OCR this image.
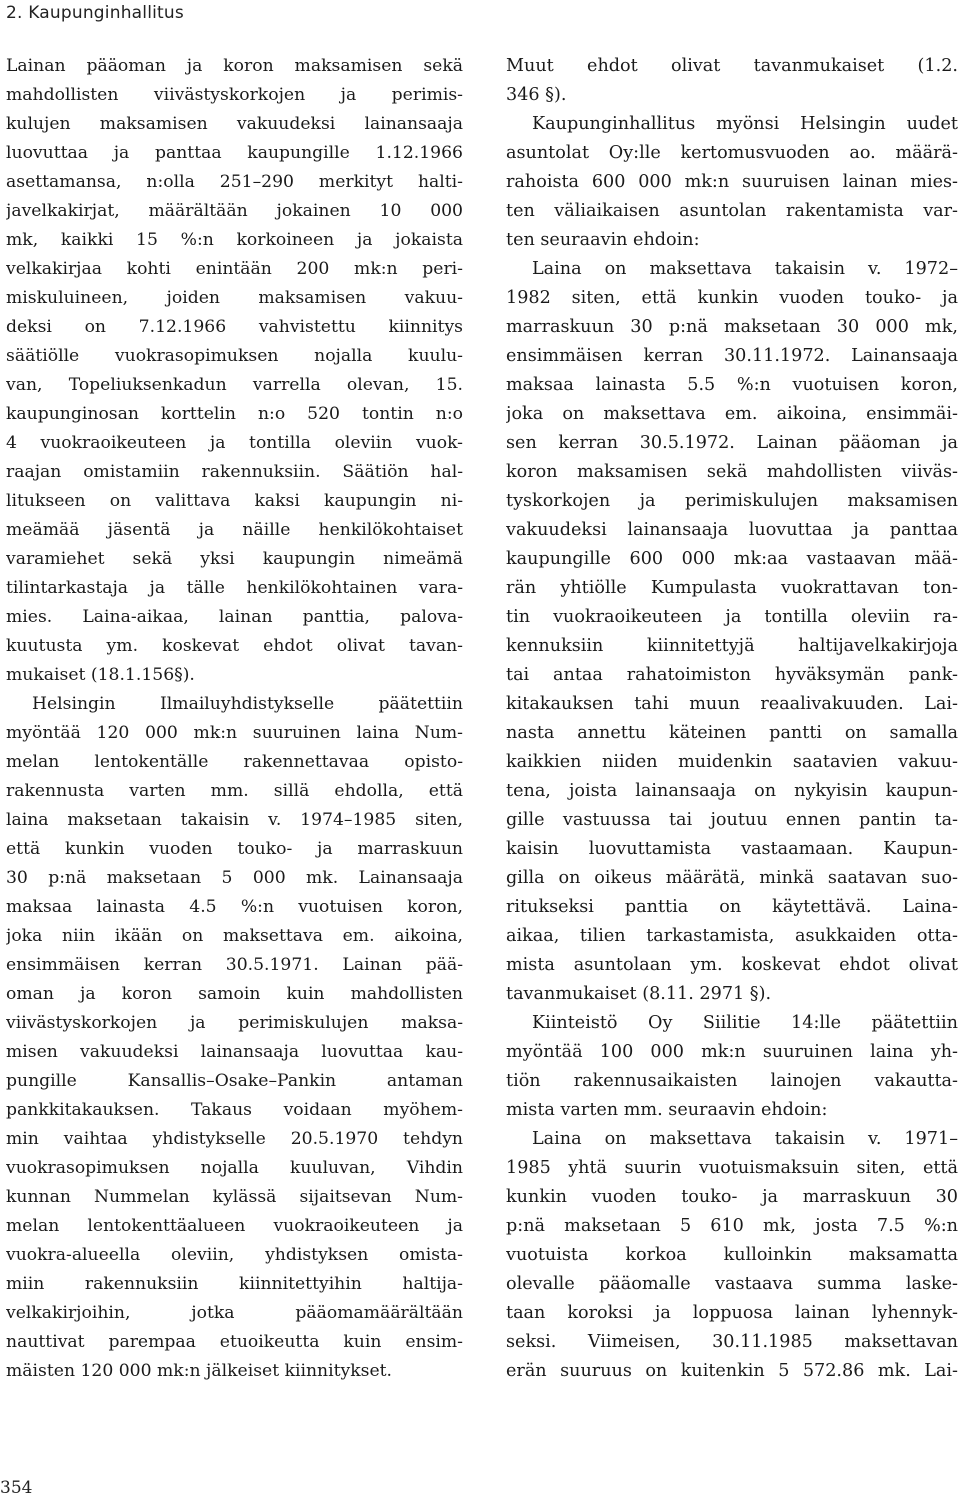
2. Kaupunginhallitus
Lainan pääoman ja koron maksamisen sekä
mahdollisten viivästyskorkojen ja perimis-
kulujen maksamisen vakuudeksi lainansaaja
luovuttaa ja panttaa kaupungille 1.12.1966
asettamansa, n:olla 251–290 merkityt halti-
javelkakirjat, määrältään jokainen 10 000
mk, kaikki 15 %:n korkoineen ja jokaista
velkakirjaa kohti enintään 200 mk:n peri-
miskuluineen, joiden maksamisen vakuu-
deksi on 7.12.1966 vahvistettu kiinnitys
säätiölle vuokrasopimuksen nojalla kuulu-
van, Topeliuksenkadun varrella olevan, 15.
kaupunginosan korttelin n:o 520 tontin n:o
4 vuokraoikeuteen ja tontilla oleviin vuok-
raajan omistamiin rakennuksiin. Säätiön hal-
litukseen on valittava kaksi kaupungin ni-
meämää jäsentä ja näille henkilökohtaiset
varamiehet sekä yksi kaupungin nimeämä
tilintarkastaja ja tälle henkilökohtainen vara-
mies. Laina-aikaa, lainan panttia, palova-
kuutusta ym. koskevat ehdot olivat tavan-
mukaiset (18.1.156§).
Helsingin Ilmailuyhdistykselle päätettiin
myöntää 120 000 mk:n suuruinen laina Num-
melan lentokentälle rakennettavaa opisto-
rakennusta varten mm. sillä ehdolla, että
laina maksetaan takaisin v. 1974–1985 siten,
että kunkin vuoden touko- ja marraskuun
30 p:nä maksetaan 5 000 mk. Lainansaaja
maksaa lainasta 4.5 %:n vuotuisen koron,
joka niin ikään on maksettava em. aikoina,
ensimmäisen kerran 30.5.1971. Lainan pää-
oman ja koron samoin kuin mahdollisten
viivästyskorkojen ja perimiskulujen maksa-
misen vakuudeksi lainansaaja luovuttaa kau-
pungille Kansallis–Osake–Pankin antaman
pankkitakauksen. Takaus voidaan myöhem-
min vaihtaa yhdistykselle 20.5.1970 tehdyn
vuokrasopimuksen nojalla kuuluvan, Vihdin
kunnan Nummelan kylässä sijaitsevan Num-
melan lentokenttäalueen vuokraoikeuteen ja
vuokra-alueella oleviin, yhdistyksen omista-
miin rakennuksiin kiinnitettyihin haltija-
velkakirjoihin, jotka pääomamäärältään
nauttivat parempaa etuoikeutta kuin ensim-
mäisten 120 000 mk:n jälkeiset kiinnitykset.
Muut ehdot olivat tavanmukaiset (1.2.
346 §).
Kaupunginhallitus myönsi Helsingin uudet
asuntolat Oy:lle kertomusvuoden ao. määrä-
rahoista 600 000 mk:n suuruisen lainan mies-
ten väliaikaisen asuntolan rakentamista var-
ten seuraavin ehdoin:
Laina on maksettava takaisin v. 1972–
1982 siten, että kunkin vuoden touko- ja
marraskuun 30 p:nä maksetaan 30 000 mk,
ensimmäisen kerran 30.11.1972. Lainansaaja
maksaa lainasta 5.5 %:n vuotuisen koron,
joka on maksettava em. aikoina, ensimmäi-
sen kerran 30.5.1972. Lainan pääoman ja
koron maksamisen sekä mahdollisten viiväs-
tyskorkojen ja perimiskulujen maksamisen
vakuudeksi lainansaaja luovuttaa ja panttaa
kaupungille 600 000 mk:aa vastaavan mää-
rän yhtiölle Kumpulasta vuokrattavan ton-
tin vuokraoikeuteen ja tontilla oleviin ra-
kennuksiin kiinnitettyjä haltijavelkakirjoja
tai antaa rahatoimiston hyväksymän pank-
kitakauksen tahi muun reaalivakuuden. Lai-
nasta annettu käteinen pantti on samalla
kaikkien niiden muidenkin saatavien vakuu-
tena, joista lainansaaja on nykyisin kaupun-
gille vastuussa tai joutuu ennen pantin ta-
kaisin luovuttamista vastaamaan. Kaupun-
gilla on oikeus määrätä, minkä saatavan suo-
ritukseksi panttia on käytettävä. Laina-
aikaa, tilien tarkastamista, asukkaiden otta-
mista asuntolaan ym. koskevat ehdot olivat
tavanmukaiset (8.11. 2971 §).
Kiinteistö Oy Siilitie 14:lle päätettiin
myöntää 100 000 mk:n suuruinen laina yh-
tiön rakennusaikaisten lainojen vakautta-
mista varten mm. seuraavin ehdoin:
Laina on maksettava takaisin v. 1971–
1985 yhtä suurin vuotuismaksuin siten, että
kunkin vuoden touko- ja marraskuun 30
p:nä maksetaan 5 610 mk, josta 7.5 %:n
vuotuista korkoa kulloinkin maksamatta
olevalle pääomalle vastaava summa laske-
taan koroksi ja loppuosa lainan lyhennyk-
seksi. Viimeisen, 30.11.1985 maksettavan
erän suuruus on kuitenkin 5 572.86 mk. Lai-
354
